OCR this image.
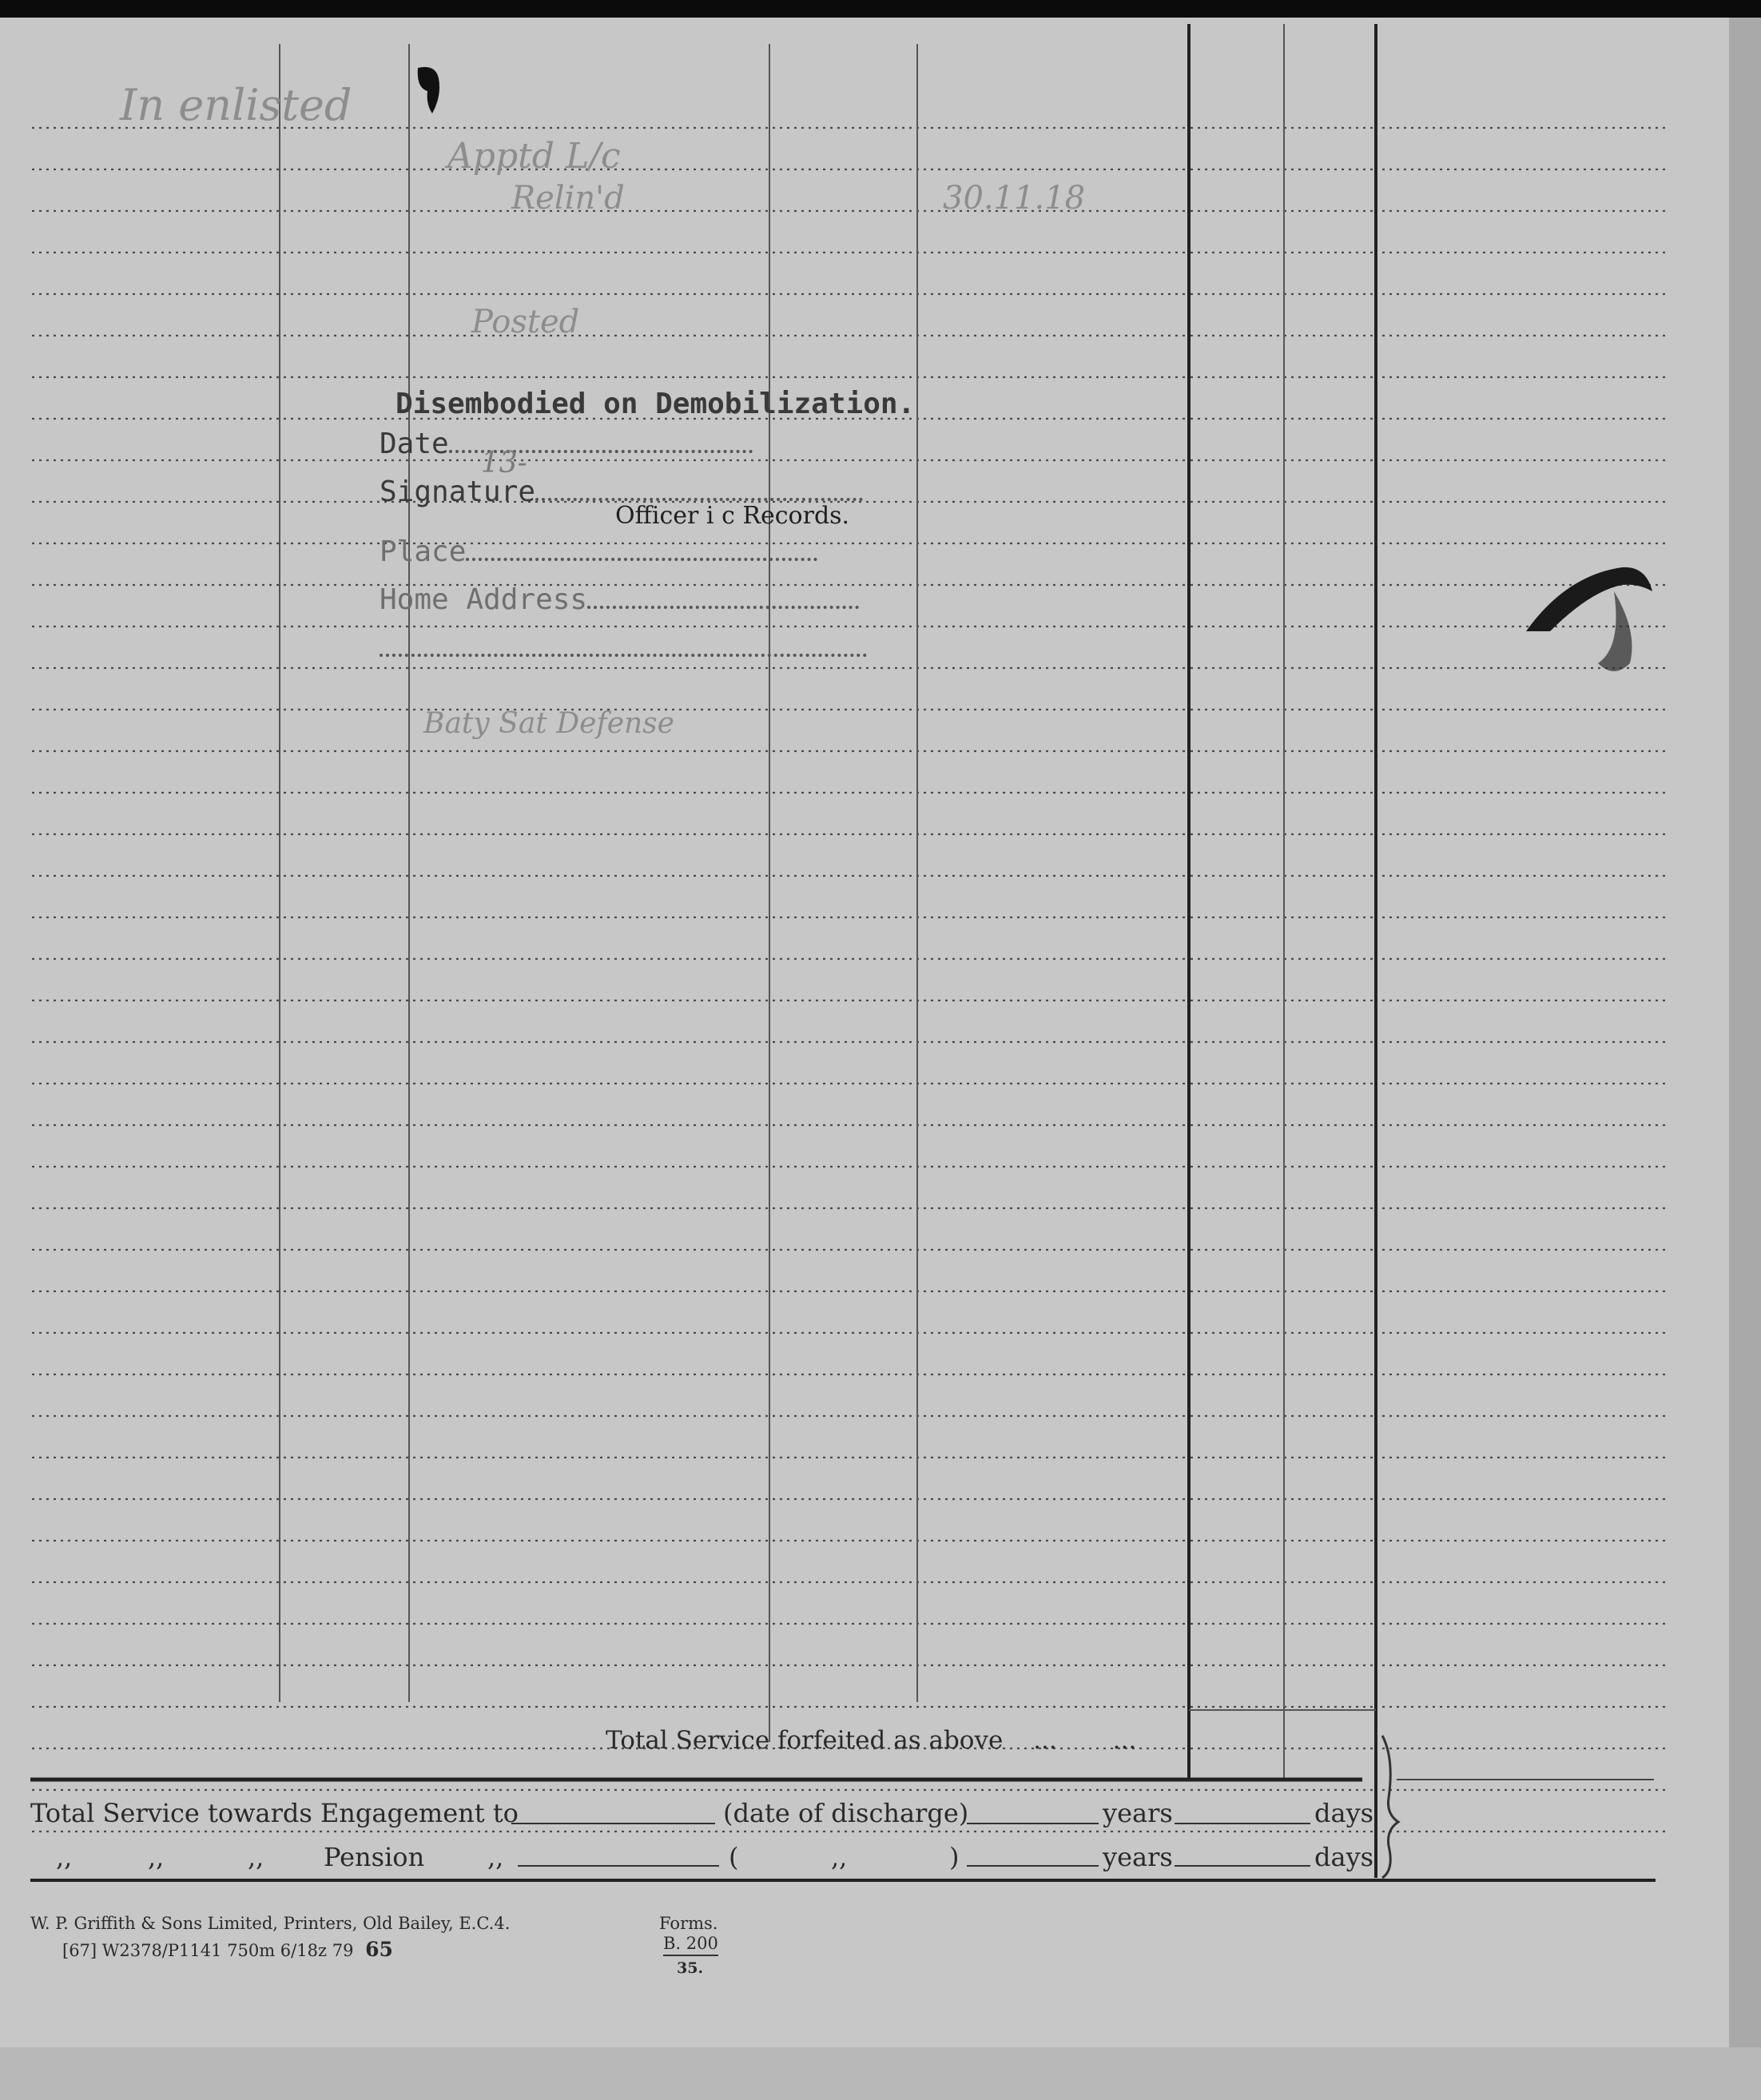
In enlisted
Apptd L/c
Relin'd	30.11.18
Posted
Baty Sat Defense
Disembodied on Demobilization.
Date
13-
Signature
Officer i c Records.
Place
Home Address
Total Service forfeited as above ... ...
Total Service towards Engagement to	(date of discharge)	years	days
,,	,,	,, Pension ,,	(	,,	)	years	days
W. P. Griffith & Sons Limited, Printers, Old Bailey, E.C.4.
[67] W2378/P1141 750m 6/18z 79 65
Forms.
B. 200
35.
